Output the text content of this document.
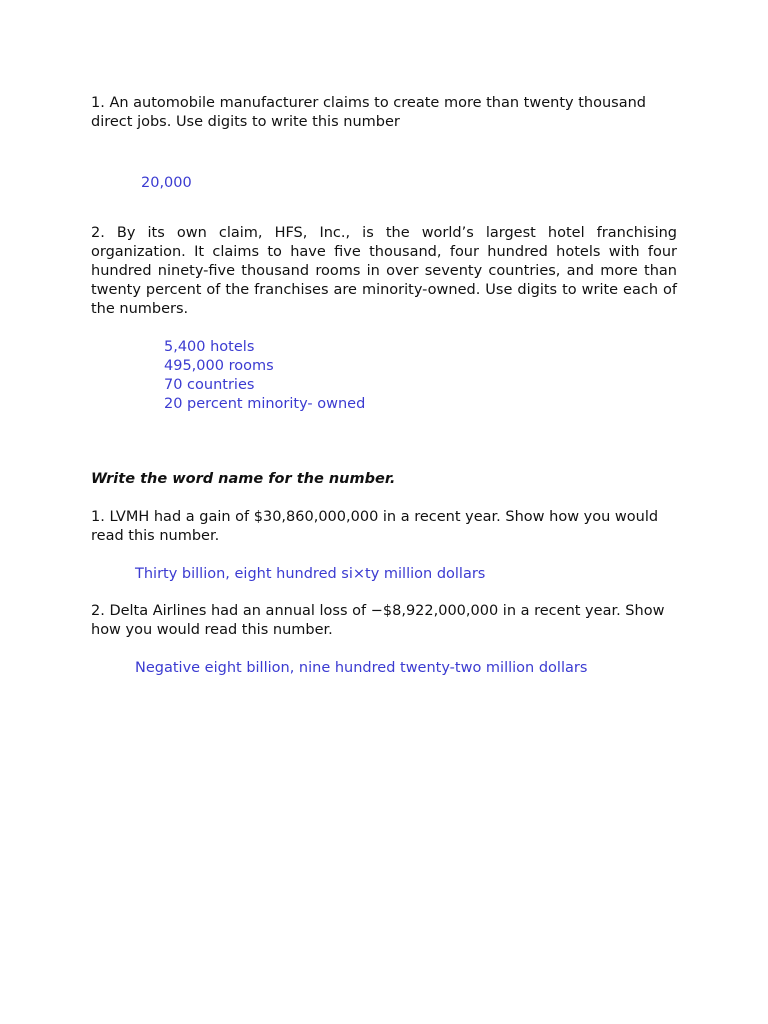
1. An automobile manufacturer claims to create more than twenty thousand direct jobs. Use digits to write this number

20,000

2. By its own claim, HFS, Inc., is the world’s largest hotel franchising organization. It claims to have five thousand, four hundred hotels with four hundred ninety-five thousand rooms in over seventy countries, and more than twenty percent of the franchises are minority-owned. Use digits to write each of the numbers.

5,400 hotels
495,000 rooms
70 countries
20 percent minority- owned

Write the word name for the number.

1. LVMH had a gain of $30,860,000,000 in a recent year. Show how you would read this number.

Thirty billion, eight hundred si×ty million dollars

2. Delta Airlines had an annual loss of −$8,922,000,000 in a recent year. Show how you would read this number.

Negative eight billion, nine hundred twenty-two million dollars
